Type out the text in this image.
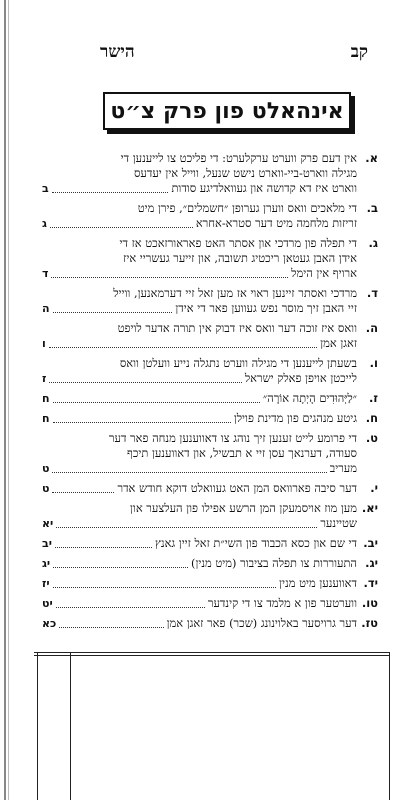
הישר	קב
אינהאלט פון פרק צ״ט
א.
אין דעם פרק ווערט ערקלערט: די פליכט צו לייענען די
מגילה ווארט-ביי-ווארט נישט שנעל, ווייל אין יעדעס
ווארט איז דא קדושה און געוואלדיגע סודות
ב
ב.
די מלאכים וואס ווערן גערופן ״חשמלים״, פירן מיט
זריזות מלחמה מיט דער סטרא-אחרא
ג
ג.
די תפלה פון מרדכי און אסתר האט פאראורזאכט אז די
אידן האבן געטאן ריכטיג תשובה, און זייער געשריי איז
ארויף אין הימל
ד
ד.
מרדכי ואסתר זיינען ראוי אז מען זאל זיי דערמאנען, ווייל
זיי האבן זיך מוסר נפש געווען פאר די אידן
ה
ה.
וואס איז זוכה דער וואס איז דבוק אין תורה אדער לויפט
זאגן אמן
ו
ו.
בשעתן לייענען די מגילה ווערט נתגלה נייע וועלטן וואס
לייכטן אויפן פאלק ישראל
ז
ז.
״לַיְּהוּדִים הָיְתָה אוֹרָה״
ח
ח.
גיטע מנהגים פון מדינת פוילן
ח
ט.
די פרומע לייט זענען זיך נוהג צו דאווענען מנחה פאר דער
סעודה, דערנאך עסן זיי א תבשיל, און דאווענען תיכף
מעריב
ט
י.
דער סיבה פארוואס המן האט געוואלט דוקא חודש אדר
ט
יא.
מען מוז אויסמעקן המן הרשע אפילו פון העלצער און
שטיינער
יא
יב.
די שם און כסא הכבוד פון השי״ת זאל זיין גאנץ
יב
יג.
התעוררות צו תפלה בציבור (מיט מנין)
יג
יד.
דאווענען מיט מנין
יז
טו.
ווערטער פון א מלמד צו די קינדער
יט
טז.
דער גרויסער באלוינונג (שכר) פאר זאגן אמן
כא
